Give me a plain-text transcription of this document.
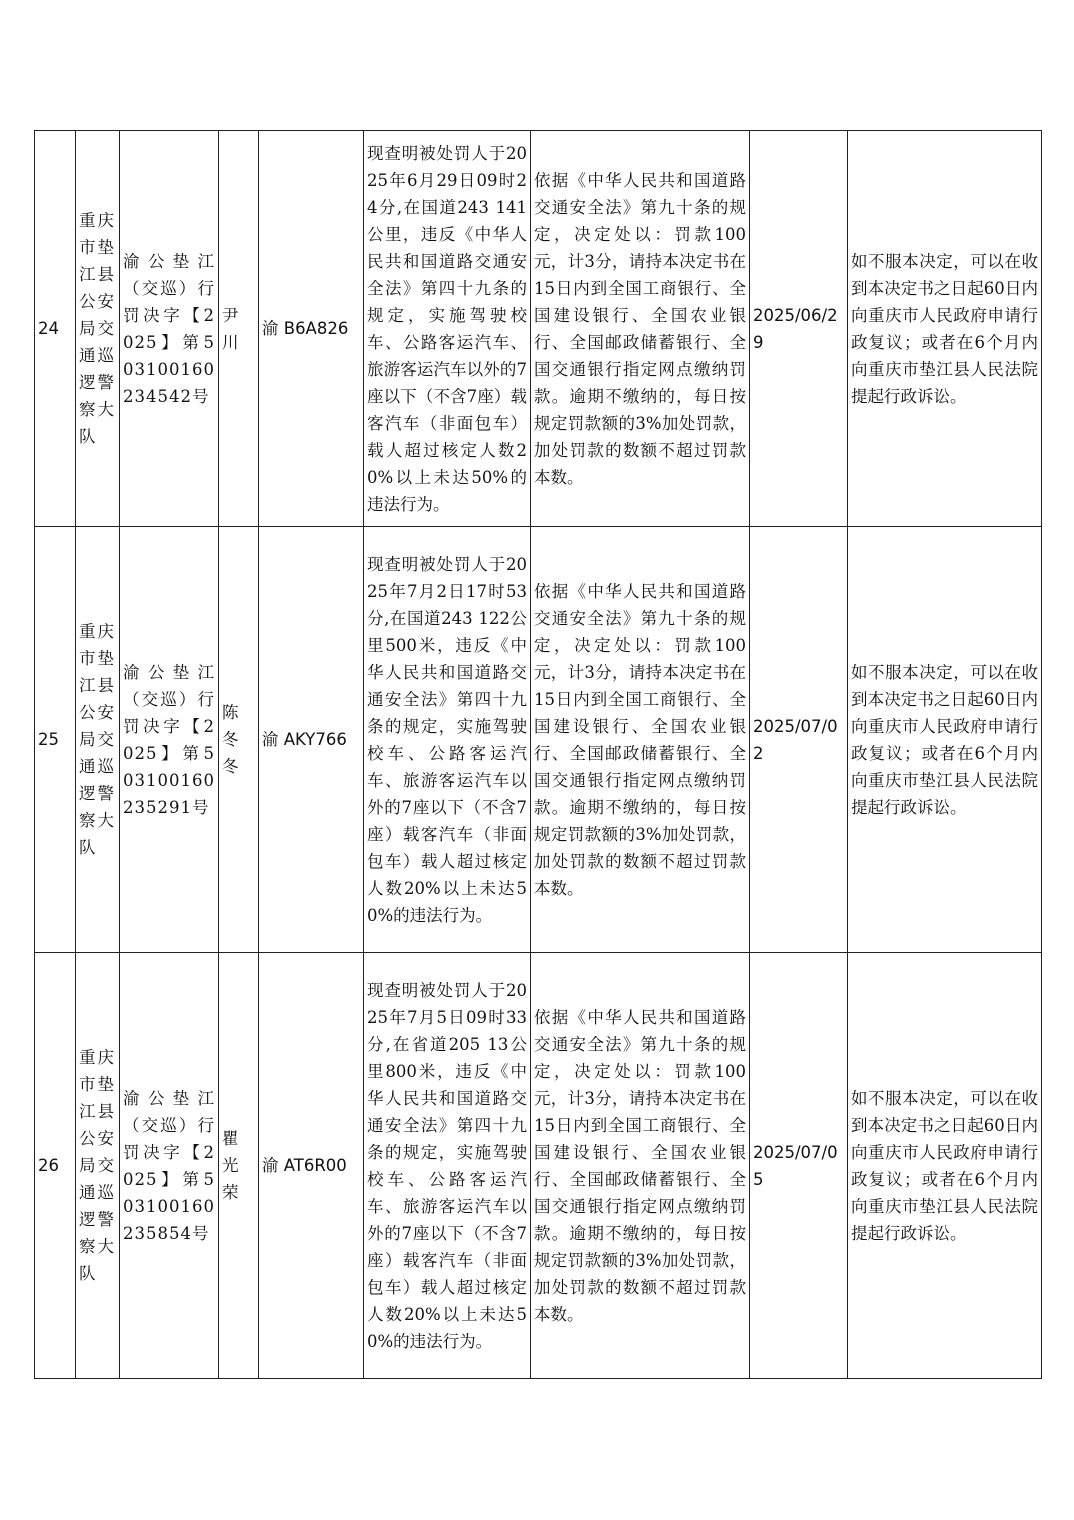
24	重庆市垫江县公安局交通巡逻警察大队	渝公垫江（交巡）行罚决字【2025】第503100160234542号	尹川	渝 B6A826	现查明被处罚人于2025年6月29日09时24分,在国道243 141公里，违反《中华人民共和国道路交通安全法》第四十九条的规定，实施驾驶校车、公路客运汽车、旅游客运汽车以外的7座以下（不含7座）载客汽车（非面包车）载人超过核定人数20%以上未达50%的违法行为。	依据《中华人民共和国道路交通安全法》第九十条的规定，决定处以：罚款100元，计3分，请持本决定书在15日内到全国工商银行、全国建设银行、全国农业银行、全国邮政储蓄银行、全国交通银行指定网点缴纳罚款。逾期不缴纳的，每日按规定罚款额的3%加处罚款，加处罚款的数额不超过罚款本数。	2025/06/29	如不服本决定，可以在收到本决定书之日起60日内向重庆市人民政府申请行政复议；或者在6个月内向重庆市垫江县人民法院提起行政诉讼。
25	重庆市垫江县公安局交通巡逻警察大队	渝公垫江（交巡）行罚决字【2025】第503100160235291号	陈冬冬	渝 AKY766	现查明被处罚人于2025年7月2日17时53分,在国道243 122公里500米，违反《中华人民共和国道路交通安全法》第四十九条的规定，实施驾驶校车、公路客运汽车、旅游客运汽车以外的7座以下（不含7座）载客汽车（非面包车）载人超过核定人数20%以上未达50%的违法行为。	依据《中华人民共和国道路交通安全法》第九十条的规定，决定处以：罚款100元，计3分，请持本决定书在15日内到全国工商银行、全国建设银行、全国农业银行、全国邮政储蓄银行、全国交通银行指定网点缴纳罚款。逾期不缴纳的，每日按规定罚款额的3%加处罚款，加处罚款的数额不超过罚款本数。	2025/07/02	如不服本决定，可以在收到本决定书之日起60日内向重庆市人民政府申请行政复议；或者在6个月内向重庆市垫江县人民法院提起行政诉讼。
26	重庆市垫江县公安局交通巡逻警察大队	渝公垫江（交巡）行罚决字【2025】第503100160235854号	瞿光荣	渝 AT6R00	现查明被处罚人于2025年7月5日09时33分,在省道205 13公里800米，违反《中华人民共和国道路交通安全法》第四十九条的规定，实施驾驶校车、公路客运汽车、旅游客运汽车以外的7座以下（不含7座）载客汽车（非面包车）载人超过核定人数20%以上未达50%的违法行为。	依据《中华人民共和国道路交通安全法》第九十条的规定，决定处以：罚款100元，计3分，请持本决定书在15日内到全国工商银行、全国建设银行、全国农业银行、全国邮政储蓄银行、全国交通银行指定网点缴纳罚款。逾期不缴纳的，每日按规定罚款额的3%加处罚款，加处罚款的数额不超过罚款本数。	2025/07/05	如不服本决定，可以在收到本决定书之日起60日内向重庆市人民政府申请行政复议；或者在6个月内向重庆市垫江县人民法院提起行政诉讼。
